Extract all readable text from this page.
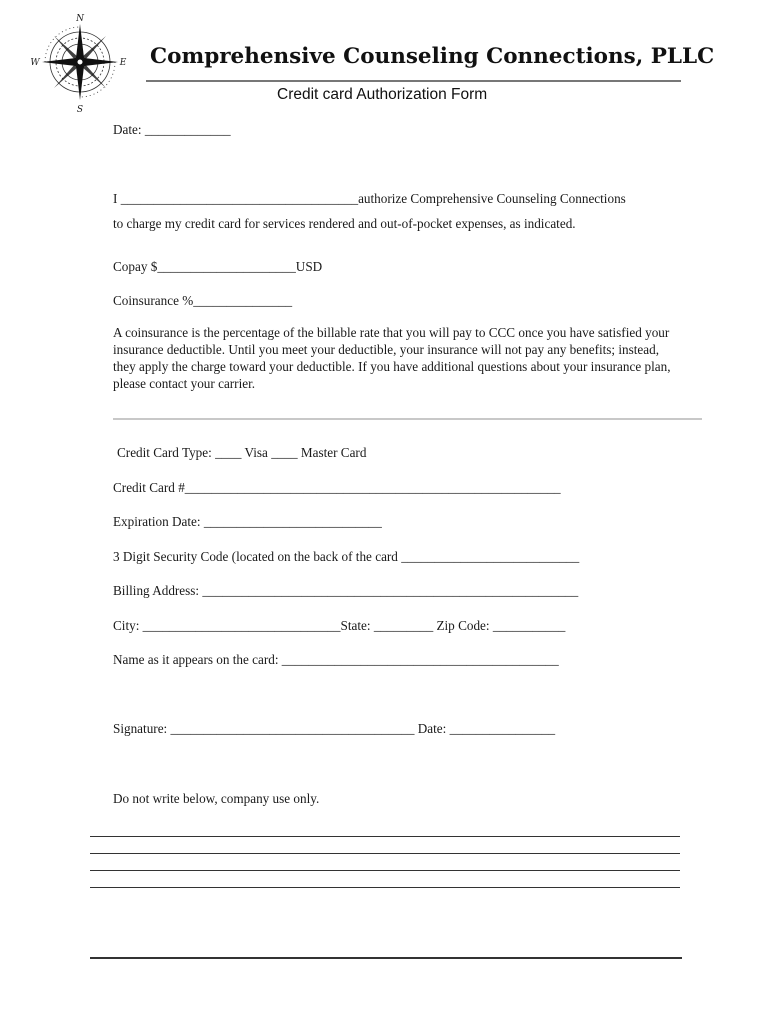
N
S
W	E Comprehensive Counseling Connections, PLLC
Credit card Authorization Form
Date: _____________
I ____________________________________authorize Comprehensive Counseling Connections
to charge my credit card for services rendered and out-of-pocket expenses, as indicated.
Copay $_____________________USD
Coinsurance %_______________
A coinsurance is the percentage of the billable rate that you will pay to CCC once you have satisfied your insurance deductible. Until you meet your deductible, your insurance will not pay any benefits; instead, they apply the charge toward your deductible. If you have additional questions about your insurance plan, please contact your carrier.
Credit Card Type: ____ Visa ____ Master Card
Credit Card #_________________________________________________________
Expiration Date: ___________________________
3 Digit Security Code (located on the back of the card ___________________________
Billing Address: _________________________________________________________
City: ______________________________State: _________ Zip Code: ___________
Name as it appears on the card: __________________________________________
Signature: _____________________________________ Date: ________________
Do not write below, company use only.
